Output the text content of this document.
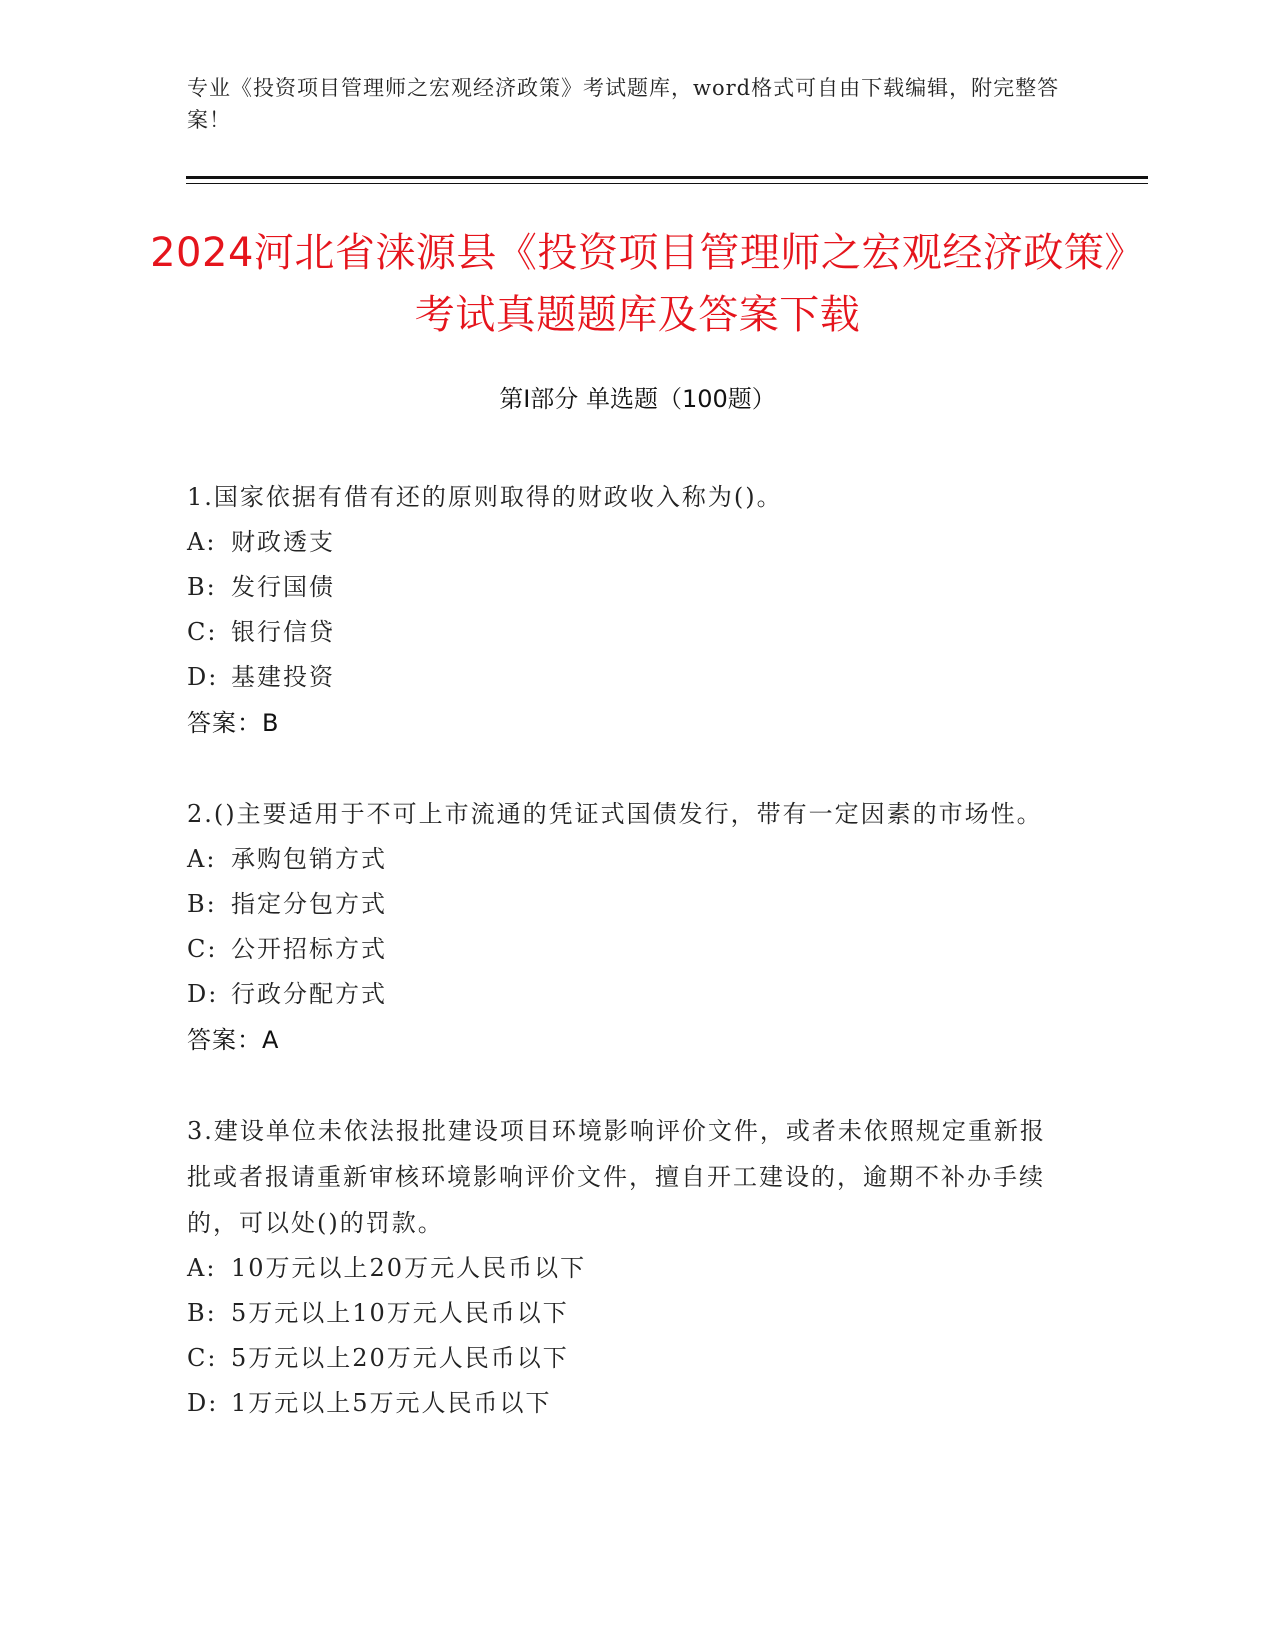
专业《投资项目管理师之宏观经济政策》考试题库，word格式可自由下载编辑，附完整答案！
2024河北省涞源县《投资项目管理师之宏观经济政策》考试真题题库及答案下载
第I部分 单选题（100题）

1.国家依据有借有还的原则取得的财政收入称为()。

A: 财政透支
B: 发行国债
C: 银行信贷
D: 基建投资
答案：B

2.()主要适用于不可上市流通的凭证式国债发行，带有一定因素的市场性。

A: 承购包销方式
B: 指定分包方式
C: 公开招标方式
D: 行政分配方式
答案：A

3.建设单位未依法报批建设项目环境影响评价文件，或者未依照规定重新报批或者报请重新审核环境影响评价文件，擅自开工建设的，逾期不补办手续的，可以处()的罚款。

A: 10万元以上20万元人民币以下
B: 5万元以上10万元人民币以下
C: 5万元以上20万元人民币以下
D: 1万元以上5万元人民币以下
